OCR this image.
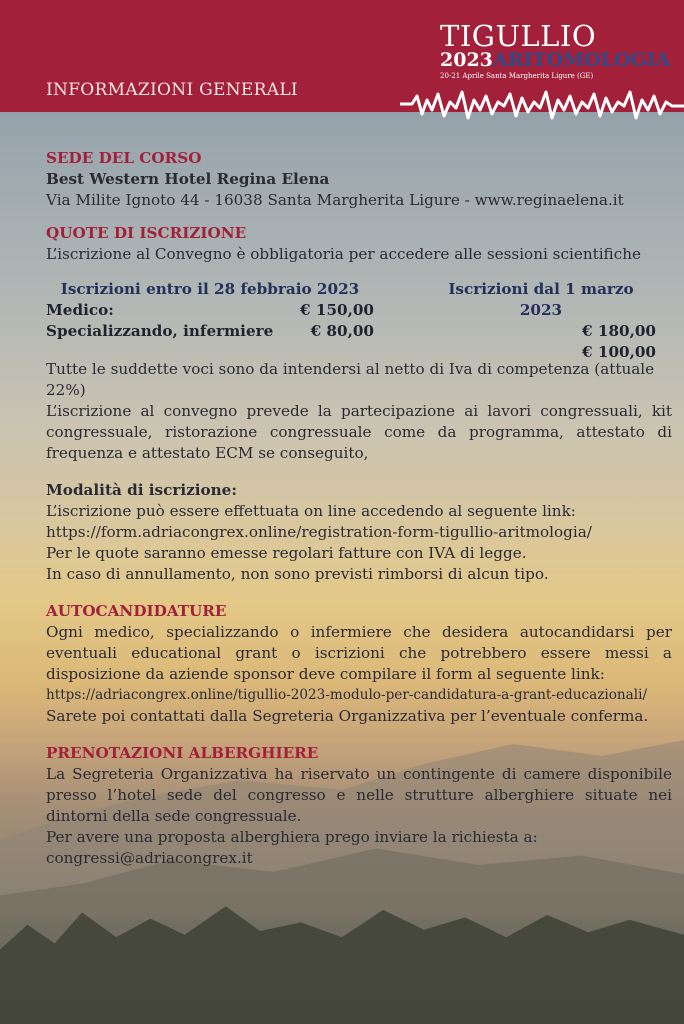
INFORMAZIONI GENERALI
TIGULLIO
2023ARITOMOLOGIA
20-21 Aprile Santa Margherita Ligure (GE)

SEDE DEL CORSO

Best Western Hotel Regina Elena

Via Milite Ignoto 44 - 16038 Santa Margherita Ligure - www.reginaelena.it

QUOTE DI ISCRIZIONE

L’iscrizione al Convegno è obbligatoria per accedere alle sessioni scientifiche

Iscrizioni entro il 28 febbraio 2023
Medico:	€ 150,00
Specializzando, infermiere € 80,00
Iscrizioni dal 1 marzo 2023
€ 180,00
€ 100,00

Tutte le suddette voci sono da intendersi al netto di Iva di competenza (attuale 22%)

L’iscrizione al convegno prevede la partecipazione ai lavori congressuali, kit congressuale, ristorazione congressuale come da programma, attestato di frequenza e attestato ECM se conseguito,

Modalità di iscrizione:

L’iscrizione può essere effettuata on line accedendo al seguente link:

https://form.adriacongrex.online/registration-form-tigullio-aritmologia/

Per le quote saranno emesse regolari fatture con IVA di legge.

In caso di annullamento, non sono previsti rimborsi di alcun tipo.

AUTOCANDIDATURE

Ogni medico, specializzando o infermiere che desidera autocandidarsi per eventuali educational grant o iscrizioni che potrebbero essere messi a disposizione da aziende sponsor deve compilare il form al seguente link:

https://adriacongrex.online/tigullio-2023-modulo-per-candidatura-a-grant-educazionali/

Sarete poi contattati dalla Segreteria Organizzativa per l’eventuale conferma.

PRENOTAZIONI ALBERGHIERE

La Segreteria Organizzativa ha riservato un contingente di camere disponibile presso l’hotel sede del congresso e nelle strutture alberghiere situate nei dintorni della sede congressuale.

Per avere una proposta alberghiera prego inviare la richiesta a:

congressi@adriacongrex.it
